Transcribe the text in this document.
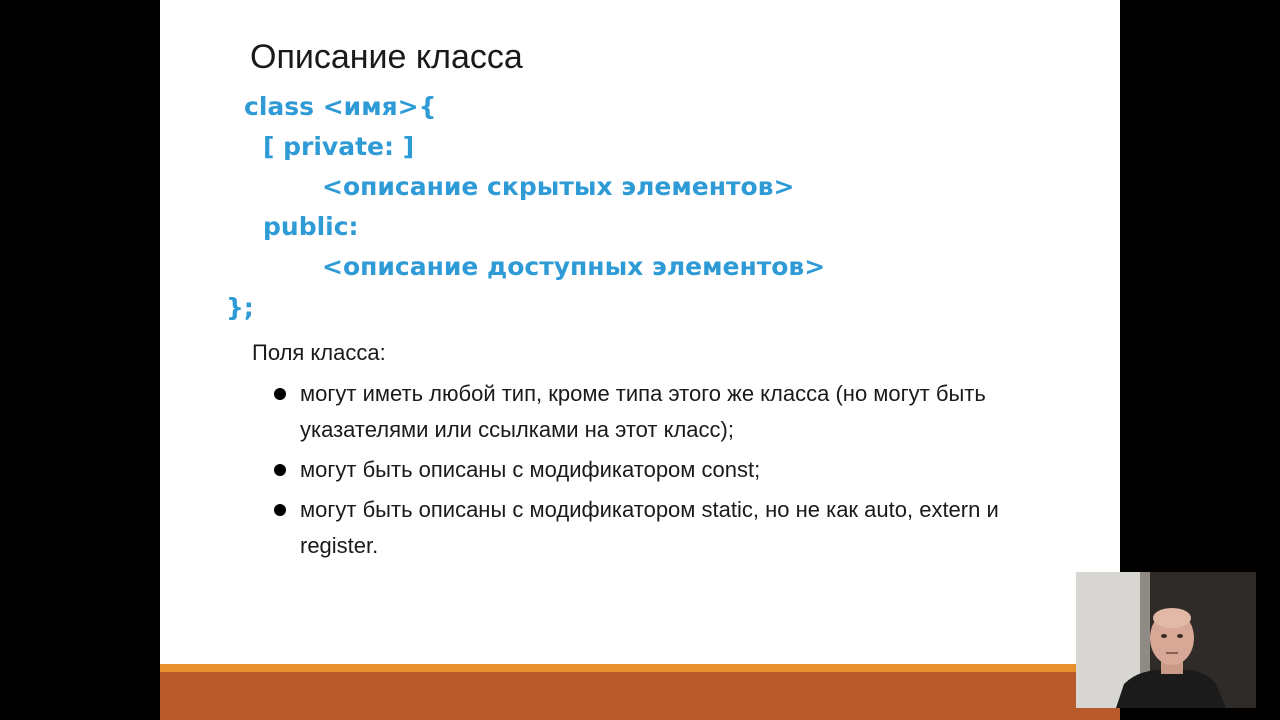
Описание класса
class <имя>{
[ private: ]
<описание скрытых элементов>
public:
<описание доступных элементов>
};
Поля класса:
могут иметь любой тип, кроме типа этого же класса (но могут быть указателями или ссылками на этот класс);
могут быть описаны с модификатором const;
могут быть описаны с модификатором static, но не как auto, extern и register.
